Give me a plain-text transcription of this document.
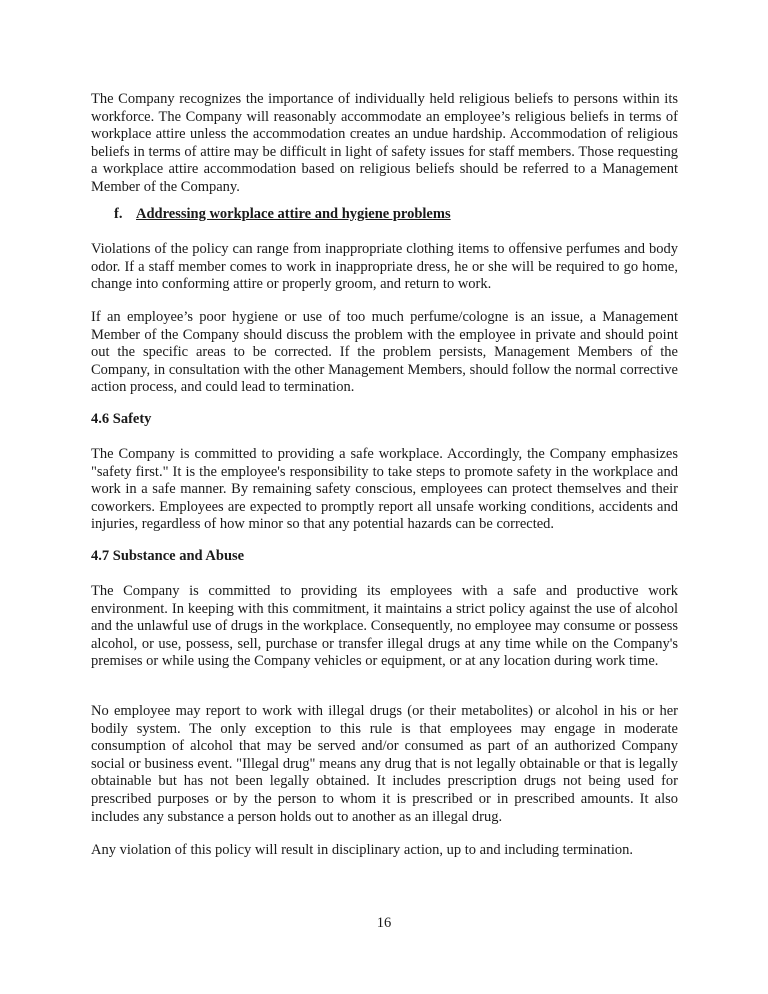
The Company recognizes the importance of individually held religious beliefs to persons within its workforce. The Company will reasonably accommodate an employee’s religious beliefs in terms of workplace attire unless the accommodation creates an undue hardship. Accommodation of religious beliefs in terms of attire may be difficult in light of safety issues for staff members. Those requesting a workplace attire accommodation based on religious beliefs should be referred to a Management Member of the Company.

f. Addressing workplace attire and hygiene problems

Violations of the policy can range from inappropriate clothing items to offensive perfumes and body odor. If a staff member comes to work in inappropriate dress, he or she will be required to go home, change into conforming attire or properly groom, and return to work.

If an employee’s poor hygiene or use of too much perfume/cologne is an issue, a Management Member of the Company should discuss the problem with the employee in private and should point out the specific areas to be corrected. If the problem persists, Management Members of the Company, in consultation with the other Management Members, should follow the normal corrective action process, and could lead to termination.

4.6 Safety

The Company is committed to providing a safe workplace. Accordingly, the Company emphasizes "safety first." It is the employee's responsibility to take steps to promote safety in the workplace and work in a safe manner. By remaining safety conscious, employees can protect themselves and their coworkers. Employees are expected to promptly report all unsafe working conditions, accidents and injuries, regardless of how minor so that any potential hazards can be corrected.

4.7 Substance and Abuse

The Company is committed to providing its employees with a safe and productive work environment. In keeping with this commitment, it maintains a strict policy against the use of alcohol and the unlawful use of drugs in the workplace. Consequently, no employee may consume or possess alcohol, or use, possess, sell, purchase or transfer illegal drugs at any time while on the Company's premises or while using the Company vehicles or equipment, or at any location during work time.

No employee may report to work with illegal drugs (or their metabolites) or alcohol in his or her bodily system. The only exception to this rule is that employees may engage in moderate consumption of alcohol that may be served and/or consumed as part of an authorized Company social or business event. "Illegal drug" means any drug that is not legally obtainable or that is legally obtainable but has not been legally obtained. It includes prescription drugs not being used for prescribed purposes or by the person to whom it is prescribed or in prescribed amounts. It also includes any substance a person holds out to another as an illegal drug.

Any violation of this policy will result in disciplinary action, up to and including termination.

16
